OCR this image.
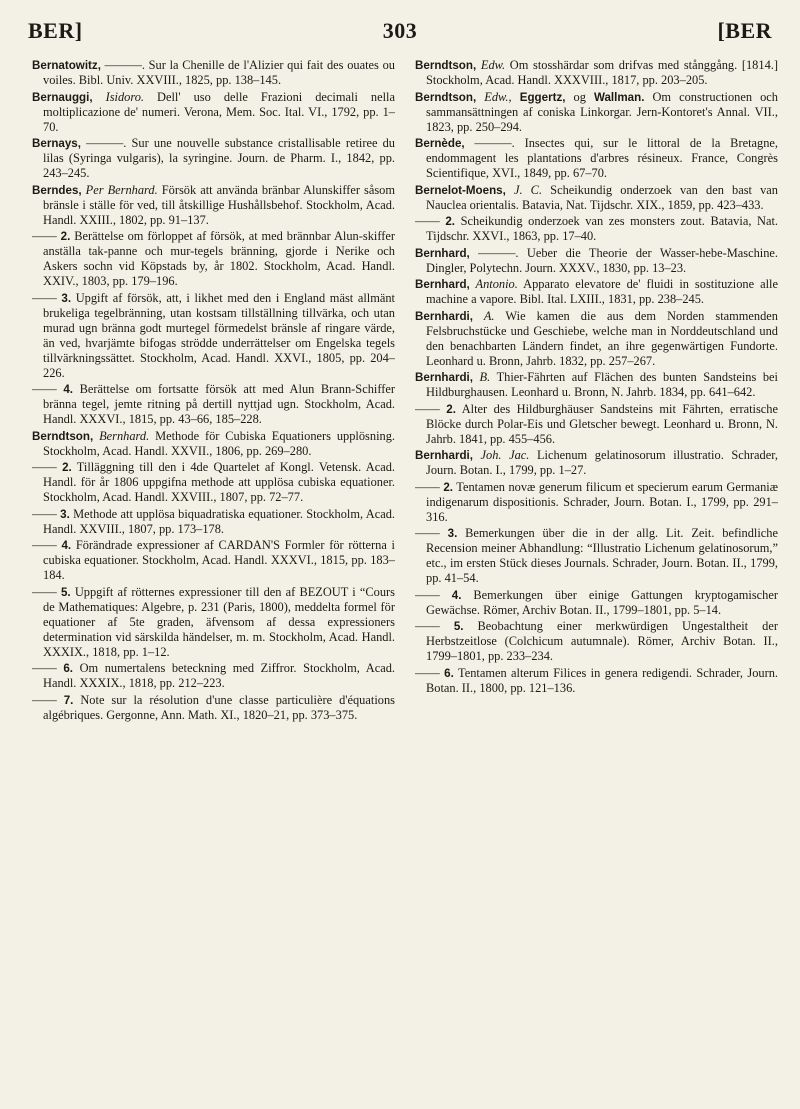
BER]	303	[BER

Bernatowitz, ———. Sur la Chenille de l'Alizier qui fait des ouates ou voiles. Bibl. Univ. XXVIII., 1825, pp. 138–145.

Bernauggi, Isidoro. Dell' uso delle Frazioni decimali nella moltiplicazione de' numeri. Verona, Mem. Soc. Ital. VI., 1792, pp. 1–70.

Bernays, ———. Sur une nouvelle substance cristallisable retiree du lilas (Syringa vulgaris), la syringine. Journ. de Pharm. I., 1842, pp. 243–245.

Berndes, Per Bernhard. Försök att använda bränbar Alunskiffer såsom bränsle i ställe för ved, till åtskillige Hushållsbehof. Stockholm, Acad. Handl. XXIII., 1802, pp. 91–137.

—— 2. Berättelse om förloppet af försök, at med brännbar Alun-skiffer anställa tak-panne och mur-tegels bränning, gjorde i Nerike och Askers sochn vid Köpstads by, år 1802. Stockholm, Acad. Handl. XXIV., 1803, pp. 179–196.

—— 3. Upgift af försök, att, i likhet med den i England mäst allmänt brukeliga tegelbränning, utan kostsam tillställning tillvärka, och utan murad ugn bränna godt murtegel förmedelst bränsle af ringare värde, än ved, hvarjämte bifogas strödde underrättelser om Engelska tegels tillvärkningssättet. Stockholm, Acad. Handl. XXVI., 1805, pp. 204–226.

—— 4. Berättelse om fortsatte försök att med Alun Brann-Schiffer bränna tegel, jemte ritning på dertill nyttjad ugn. Stockholm, Acad. Handl. XXXVI., 1815, pp. 43–66, 185–228.

Berndtson, Bernhard. Methode för Cubiska Equationers upplösning. Stockholm, Acad. Handl. XXVII., 1806, pp. 269–280.

—— 2. Tilläggning till den i 4de Quartelet af Kongl. Vetensk. Acad. Handl. för år 1806 uppgifna methode att upplösa cubiska equationer. Stockholm, Acad. Handl. XXVIII., 1807, pp. 72–77.

—— 3. Methode att upplösa biquadratiska equationer. Stockholm, Acad. Handl. XXVIII., 1807, pp. 173–178.

—— 4. Förändrade expressioner af CARDAN'S Formler för rötterna i cubiska equationer. Stockholm, Acad. Handl. XXXVI., 1815, pp. 183–184.

—— 5. Uppgift af rötternes expressioner till den af BEZOUT i “Cours de Mathematiques: Algebre, p. 231 (Paris, 1800), meddelta formel för equationer af 5te graden, äfvensom af dessa expressioners determination vid särskilda händelser, m. m. Stockholm, Acad. Handl. XXXIX., 1818, pp. 1–12.

—— 6. Om numertalens beteckning med Ziffror. Stockholm, Acad. Handl. XXXIX., 1818, pp. 212–223.

—— 7. Note sur la résolution d'une classe particulière d'équations algébriques. Gergonne, Ann. Math. XI., 1820–21, pp. 373–375.

Berndtson, Edw. Om stosshärdar som drifvas med stånggång. [1814.] Stockholm, Acad. Handl. XXXVIII., 1817, pp. 203–205.

Berndtson, Edw., Eggertz, og Wallman. Om constructionen och sammansättningen af coniska Linkorgar. Jern-Kontoret's Annal. VII., 1823, pp. 250–294.

Bernède, ———. Insectes qui, sur le littoral de la Bretagne, endommagent les plantations d'arbres résineux. France, Congrès Scientifique, XVI., 1849, pp. 67–70.

Bernelot-Moens, J. C. Scheikundig onderzoek van den bast van Nauclea orientalis. Batavia, Nat. Tijdschr. XIX., 1859, pp. 423–433.

—— 2. Scheikundig onderzoek van zes monsters zout. Batavia, Nat. Tijdschr. XXVI., 1863, pp. 17–40.

Bernhard, ———. Ueber die Theorie der Wasser-hebe-Maschine. Dingler, Polytechn. Journ. XXXV., 1830, pp. 13–23.

Bernhard, Antonio. Apparato elevatore de' fluidi in sostituzione alle machine a vapore. Bibl. Ital. LXIII., 1831, pp. 238–245.

Bernhardi, A. Wie kamen die aus dem Norden stammenden Felsbruchstücke und Geschiebe, welche man in Norddeutschland und den benachbarten Ländern findet, an ihre gegenwärtigen Fundorte. Leonhard u. Bronn, Jahrb. 1832, pp. 257–267.

Bernhardi, B. Thier-Fährten auf Flächen des bunten Sandsteins bei Hildburghausen. Leonhard u. Bronn, N. Jahrb. 1834, pp. 641–642.

—— 2. Alter des Hildburghäuser Sandsteins mit Fährten, erratische Blöcke durch Polar-Eis und Gletscher bewegt. Leonhard u. Bronn, N. Jahrb. 1841, pp. 455–456.

Bernhardi, Joh. Jac. Lichenum gelatinosorum illustratio. Schrader, Journ. Botan. I., 1799, pp. 1–27.

—— 2. Tentamen novæ generum filicum et specierum earum Germaniæ indigenarum dispositionis. Schrader, Journ. Botan. I., 1799, pp. 291–316.

—— 3. Bemerkungen über die in der allg. Lit. Zeit. befindliche Recension meiner Abhandlung: “Illustratio Lichenum gelatinosorum,” etc., im ersten Stück dieses Journals. Schrader, Journ. Botan. II., 1799, pp. 41–54.

—— 4. Bemerkungen über einige Gattungen kryptogamischer Gewächse. Römer, Archiv Botan. II., 1799–1801, pp. 5–14.

—— 5. Beobachtung einer merkwürdigen Ungestaltheit der Herbstzeitlose (Colchicum autumnale). Römer, Archiv Botan. II., 1799–1801, pp. 233–234.

—— 6. Tentamen alterum Filices in genera redigendi. Schrader, Journ. Botan. II., 1800, pp. 121–136.
